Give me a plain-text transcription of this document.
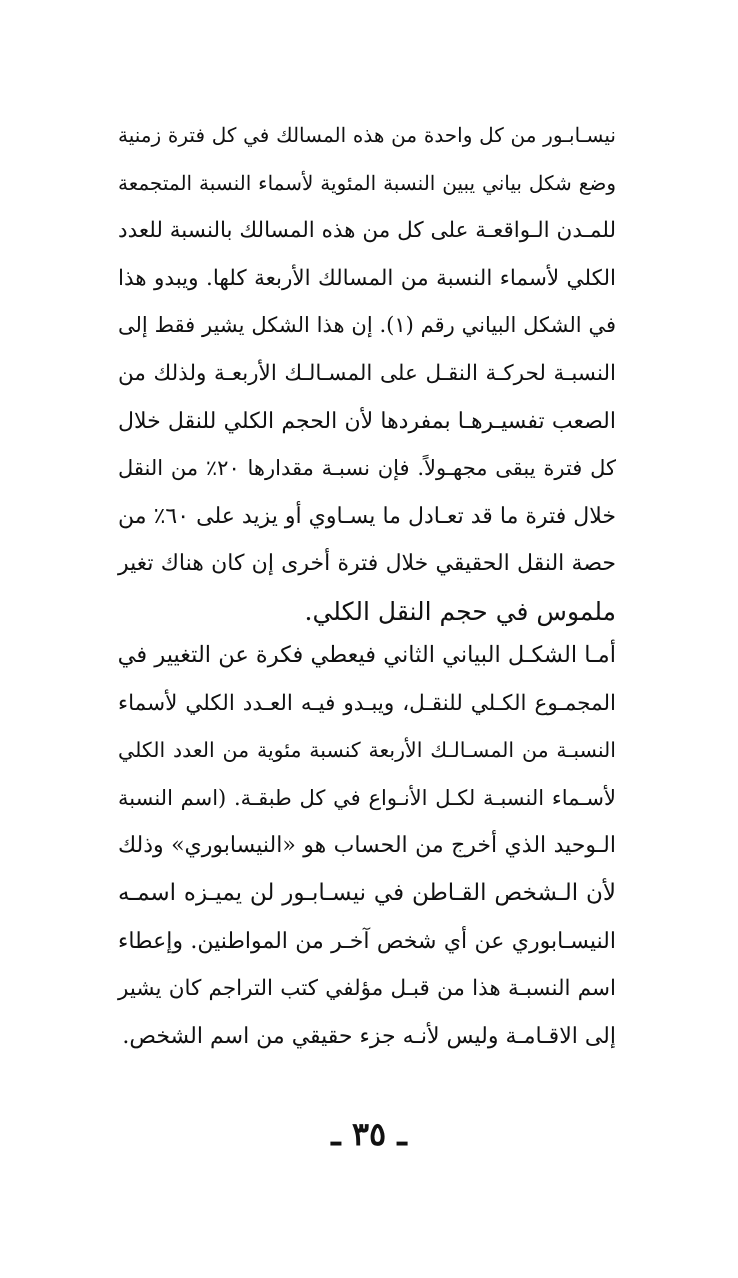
نيسـابـور من كل واحدة من هذه المسالك في كل فترة زمنية
وضع شكل بياني يبين النسبة المئوية لأسماء النسبة المتجمعة
للمـدن الـواقعـة على كل من هذه المسالك بالنسبة للعدد
الكلي لأسماء النسبة من المسالك الأربعة كلها. ويبدو هذا
في الشكل البياني رقم (١). إن هذا الشكل يشير فقط إلى
النسبـة لحركـة النقـل على المسـالـك الأربعـة ولذلك من
الصعب تفسيـرهـا بمفردها لأن الحجم الكلي للنقل خلال
كل فترة يبقى مجهـولاً. فإن نسبـة مقدارها ٢٠٪ من النقل
خلال فترة ما قد تعـادل ما يسـاوي أو يزيد على ٦٠٪ من
حصة النقل الحقيقي خلال فترة أخرى إن كان هناك تغير
ملموس في حجم النقل الكلي.
أمـا الشكـل البياني الثاني فيعطي فكرة عن التغيير في
المجمـوع الكـلي للنقـل، ويبـدو فيـه العـدد الكلي لأسماء
النسبـة من المسـالـك الأربعة كنسبة مئوية من العدد الكلي
لأسـماء النسبـة لكـل الأنـواع في كل طبقـة. (اسم النسبة
الـوحيد الذي أخرج من الحساب هو «النيسابوري» وذلك
لأن الـشخص القـاطن في نيسـابـور لن يميـزه اسمـه
النيسـابوري عن أي شخص آخـر من المواطنين. وإعطاء
اسم النسبـة هذا من قبـل مؤلفي كتب التراجم كان يشير
إلى الاقـامـة وليس لأنـه جزء حقيقي من اسم الشخص.
ـ ٣٥ ـ
